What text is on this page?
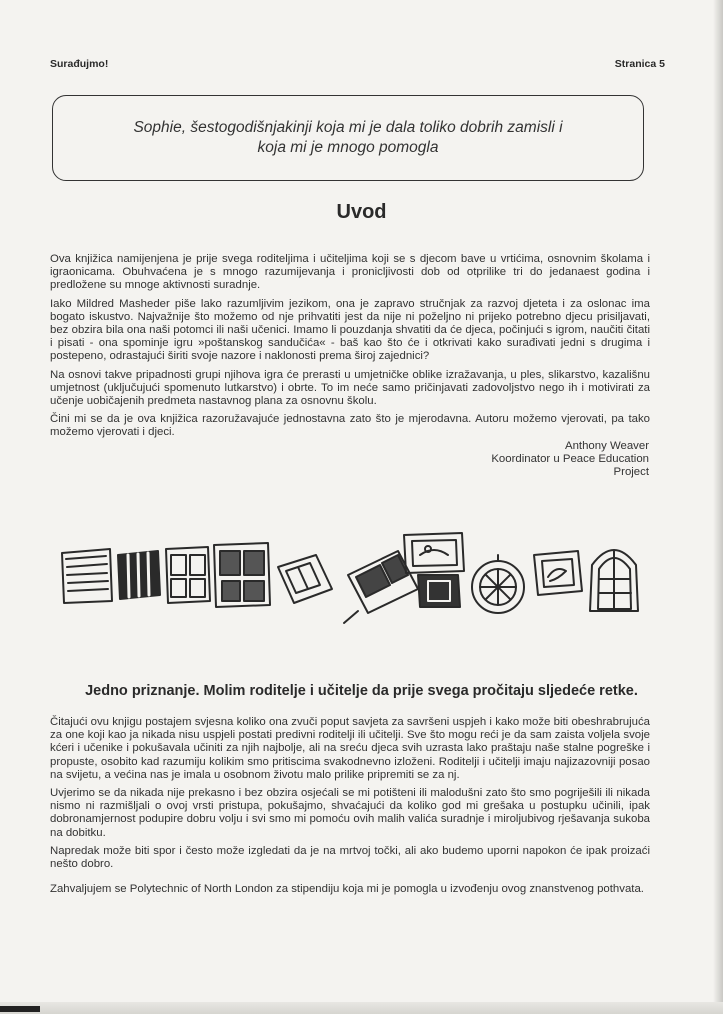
Surađujmo!	Stranica 5
Sophie, šestogodišnjakinji koja mi je dala toliko dobrih zamisli i koja mi je mnogo pomogla
Uvod

Ova knjižica namijenjena je prije svega roditeljima i učiteljima koji se s djecom bave u vrtićima, osnovnim školama i igraonicama. Obuhvaćena je s mnogo razumijevanja i pronicljivosti dob od otprilike tri do jedanaest godina i predložene su mnoge aktivnosti suradnje.

Iako Mildred Masheder piše lako razumljivim jezikom, ona je zapravo stručnjak za razvoj djeteta i za oslonac ima bogato iskustvo. Najvažnije što možemo od nje prihvatiti jest da nije ni poželjno ni prijeko potrebno djecu prisiljavati, bez obzira bila ona naši potomci ili naši učenici. Imamo li pouzdanja shvatiti da će djeca, počinjući s igrom, naučiti čitati i pisati - ona spominje igru »poštanskog sandučića« - baš kao što će i otkrivati kako surađivati jedni s drugima i postepeno, odrastajući širiti svoje nazore i naklonosti prema široj zajednici?

Na osnovi takve pripadnosti grupi njihova igra će prerasti u umjetničke oblike izražavanja, u ples, slikarstvo, kazališnu umjetnost (uključujući spomenuto lutkarstvo) i obrte. To im neće samo pričinjavati zadovoljstvo nego ih i motivirati za učenje uobičajenih predmeta nastavnog plana za osnovnu školu.

Čini mi se da je ova knjižica razoružavajuće jednostavna zato što je mjerodavna. Autoru možemo vjerovati, pa tako možemo vjerovati i djeci.

Anthony Weaver
Koordinator u Peace Education
Project
Jedno priznanje. Molim roditelje i učitelje da prije svega pročitaju sljedeće retke.

Čitajući ovu knjigu postajem svjesna koliko ona zvuči poput savjeta za savršeni uspjeh i kako može biti obeshrabrujuća za one koji kao ja nikada nisu uspjeli postati predivni roditelji ili učitelji. Sve što mogu reći je da sam zaista voljela svoje kćeri i učenike i pokušavala učiniti za njih najbolje, ali na sreću djeca svih uzrasta lako praštaju naše stalne pogreške i propuste, osobito kad razumiju kolikim smo pritiscima svakodnevno izloženi. Roditelji i učitelji imaju najizazovniji posao na svijetu, a većina nas je imala u osobnom životu malo prilike pripremiti se za nj.

Uvjerimo se da nikada nije prekasno i bez obzira osjećali se mi potišteni ili malodušni zato što smo pogriješili ili nikada nismo ni razmišljali o ovoj vrsti pristupa, pokušajmo, shvaćajući da koliko god mi grešaka u postupku učinili, ipak dobronamjernost podupire dobru volju i svi smo mi pomoću ovih malih valića suradnje i miroljubivog rješavanja sukoba na dobitku.

Napredak može biti spor i često može izgledati da je na mrtvoj točki, ali ako budemo uporni napokon će ipak proizaći nešto dobro.

Zahvaljujem se Polytechnic of North London za stipendiju koja mi je pomogla u izvođenju ovog znanstvenog pothvata.
